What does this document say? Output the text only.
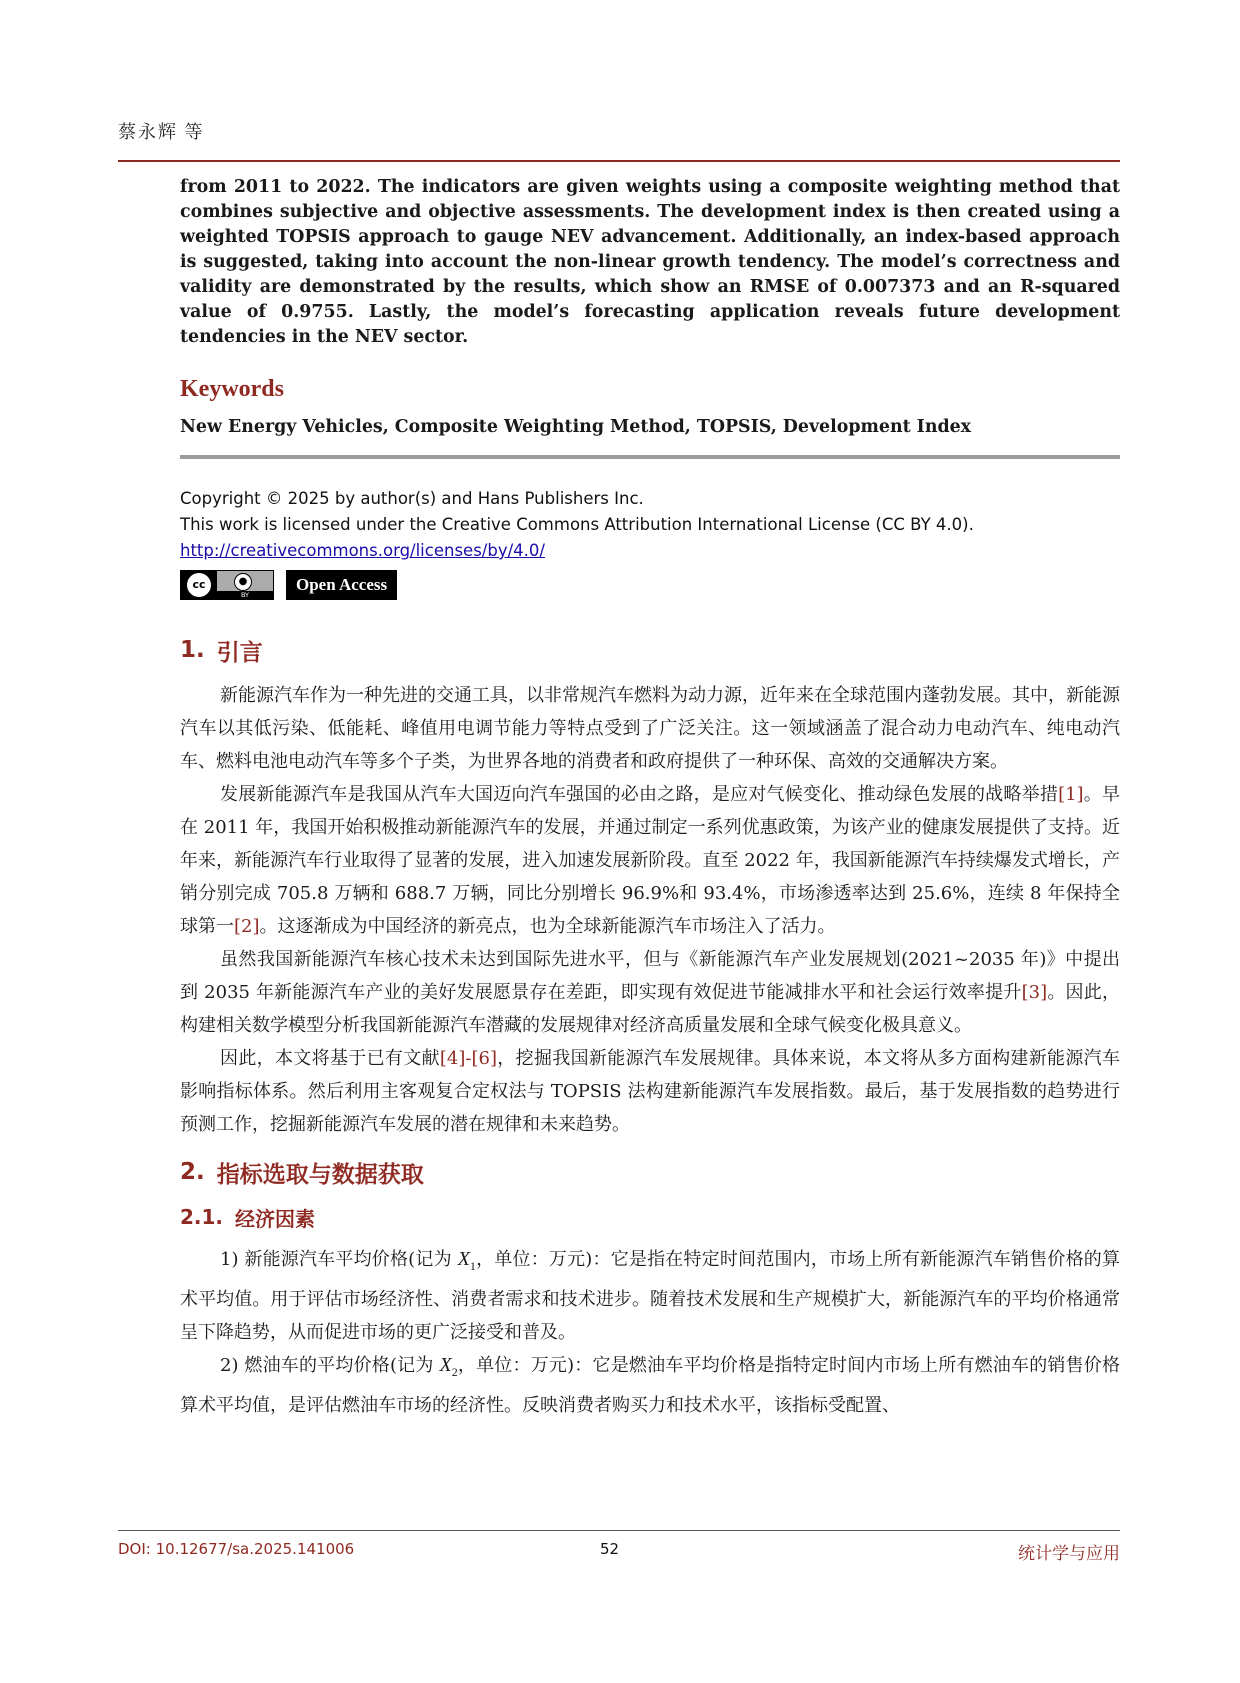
蔡永辉 等

from 2011 to 2022. The indicators are given weights using a composite weighting method that combines subjective and objective assessments. The development index is then created using a weighted TOPSIS approach to gauge NEV advancement. Additionally, an index-based approach is suggested, taking into account the non-linear growth tendency. The model’s correctness and validity are demonstrated by the results, which show an RMSE of 0.007373 and an R-squared value of 0.9755. Lastly, the model’s forecasting application reveals future development tendencies in the NEV sector.

Keywords

New Energy Vehicles, Composite Weighting Method, TOPSIS, Development Index

Copyright © 2025 by author(s) and Hans Publishers Inc.
This work is licensed under the Creative Commons Attribution International License (CC BY 4.0).
http://creativecommons.org/licenses/by/4.0/
cc	●
BY
Open Access
1. 引言

新能源汽车作为一种先进的交通工具，以非常规汽车燃料为动力源，近年来在全球范围内蓬勃发展。其中，新能源汽车以其低污染、低能耗、峰值用电调节能力等特点受到了广泛关注。这一领域涵盖了混合动力电动汽车、纯电动汽车、燃料电池电动汽车等多个子类，为世界各地的消费者和政府提供了一种环保、高效的交通解决方案。

发展新能源汽车是我国从汽车大国迈向汽车强国的必由之路，是应对气候变化、推动绿色发展的战略举措[1]。早在 2011 年，我国开始积极推动新能源汽车的发展，并通过制定一系列优惠政策，为该产业的健康发展提供了支持。近年来，新能源汽车行业取得了显著的发展，进入加速发展新阶段。直至 2022 年，我国新能源汽车持续爆发式增长，产销分别完成 705.8 万辆和 688.7 万辆，同比分别增长 96.9%和 93.4%，市场渗透率达到 25.6%，连续 8 年保持全球第一[2]。这逐渐成为中国经济的新亮点，也为全球新能源汽车市场注入了活力。

虽然我国新能源汽车核心技术未达到国际先进水平，但与《新能源汽车产业发展规划(2021~2035 年)》中提出到 2035 年新能源汽车产业的美好发展愿景存在差距，即实现有效促进节能减排水平和社会运行效率提升[3]。因此，构建相关数学模型分析我国新能源汽车潜藏的发展规律对经济高质量发展和全球气候变化极具意义。

因此，本文将基于已有文献[4]-[6]，挖掘我国新能源汽车发展规律。具体来说，本文将从多方面构建新能源汽车影响指标体系。然后利用主客观复合定权法与 TOPSIS 法构建新能源汽车发展指数。最后，基于发展指数的趋势进行预测工作，挖掘新能源汽车发展的潜在规律和未来趋势。

2. 指标选取与数据获取
2.1. 经济因素

1) 新能源汽车平均价格(记为 $X_1$，单位：万元)：它是指在特定时间范围内，市场上所有新能源汽车销售价格的算术平均值。用于评估市场经济性、消费者需求和技术进步。随着技术发展和生产规模扩大，新能源汽车的平均价格通常呈下降趋势，从而促进市场的更广泛接受和普及。

2) 燃油车的平均价格(记为 $X_2$，单位：万元)：它是燃油车平均价格是指特定时间内市场上所有燃油车的销售价格算术平均值，是评估燃油车市场的经济性。反映消费者购买力和技术水平，该指标受配置、

DOI: 10.12677/sa.2025.141006	52	统计学与应用
